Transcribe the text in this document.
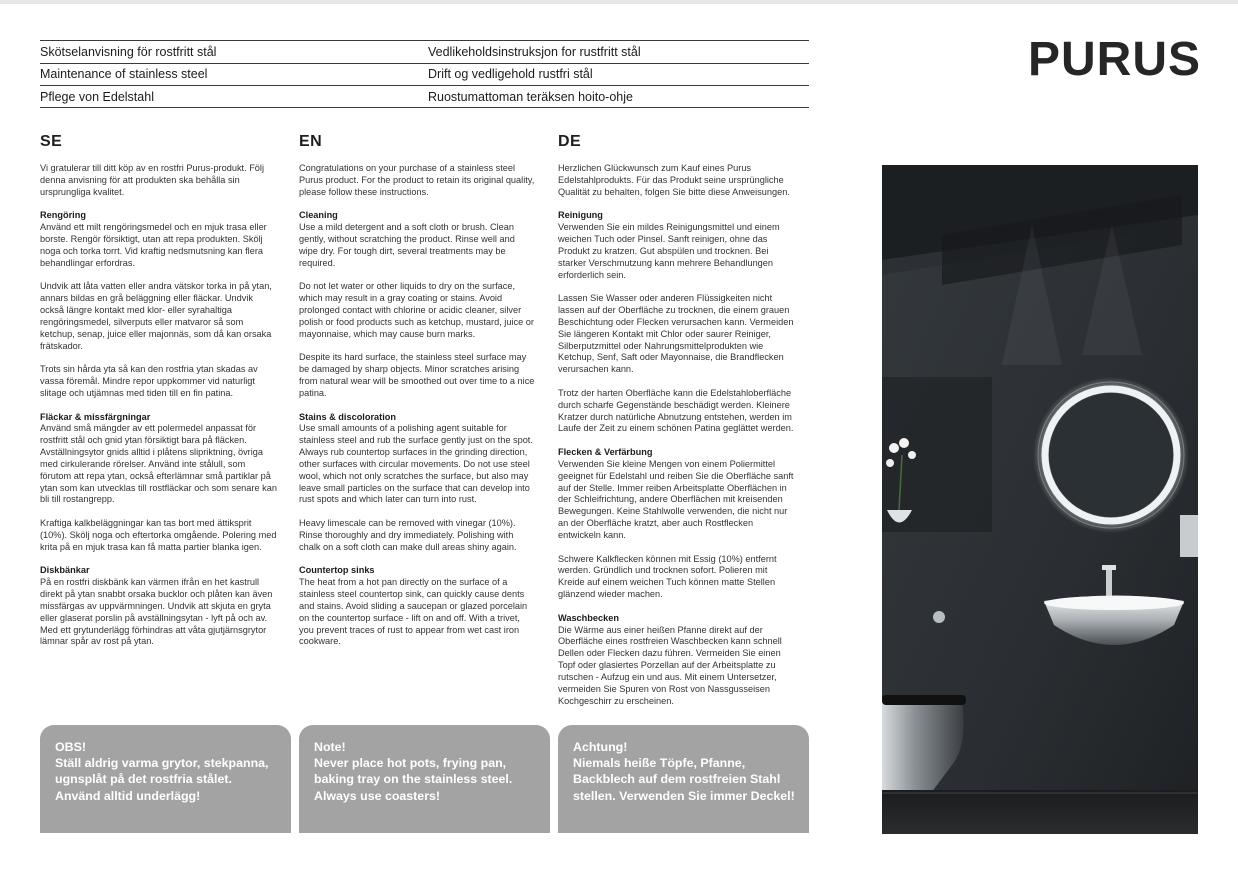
Skötselanvisning för rostfritt stål	Vedlikeholdsinstruksjon for rustfritt stål
Maintenance of stainless steel	Drift og vedligehold rustfri stål
Pflege von Edelstahl	Ruostumattoman teräksen hoito-ohje
PURUS
SE
Vi gratulerar till ditt köp av en rostfri Purus-produkt. Följ denna anvisning för att produkten ska behålla sin ursprungliga kvalitet.
Rengöring
Använd ett milt rengöringsmedel och en mjuk trasa eller borste. Rengör försiktigt, utan att repa produkten. Skölj noga och torka torrt. Vid kraftig nedsmutsning kan flera behandlingar erfordras.
Undvik att låta vatten eller andra vätskor torka in på ytan, annars bildas en grå beläggning eller fläckar. Undvik också längre kontakt med klor- eller syrahaltiga rengöringsmedel, silverputs eller matvaror så som ketchup, senap, juice eller majonnäs, som då kan orsaka frätskador.
Trots sin hårda yta så kan den rostfria ytan skadas av vassa föremål. Mindre repor uppkommer vid naturligt slitage och utjämnas med tiden till en fin patina.
Fläckar & missfärgningar
Använd små mängder av ett polermedel anpassat för rostfritt stål och gnid ytan försiktigt bara på fläcken. Avställningsytor gnids alltid i plåtens slipriktning, övriga med cirkulerande rörelser. Använd inte stålull, som förutom att repa ytan, också efterlämnar små partiklar på ytan som kan utvecklas till rostfläckar och som senare kan bli till rostangrepp.
Kraftiga kalkbeläggningar kan tas bort med ättiksprit (10%). Skölj noga och eftertorka omgående. Polering med krita på en mjuk trasa kan få matta partier blanka igen.
Diskbänkar
På en rostfri diskbänk kan värmen ifrån en het kastrull direkt på ytan snabbt orsaka bucklor och plåten kan även missfärgas av uppvärmningen. Undvik att skjuta en gryta eller glaserat porslin på avställningsytan - lyft på och av. Med ett grytunderlägg förhindras att våta gjutjärnsgrytor lämnar spår av rost på ytan.
EN
Congratulations on your purchase of a stainless steel Purus product. For the product to retain its original quality, please follow these instructions.
Cleaning
Use a mild detergent and a soft cloth or brush. Clean gently, without scratching the product. Rinse well and wipe dry. For tough dirt, several treatments may be required.
Do not let water or other liquids to dry on the surface, which may result in a gray coating or stains. Avoid prolonged contact with chlorine or acidic cleaner, silver polish or food products such as ketchup, mustard, juice or mayonnaise, which may cause burn marks.
Despite its hard surface, the stainless steel surface may be damaged by sharp objects. Minor scratches arising from natural wear will be smoothed out over time to a nice patina.
Stains & discoloration
Use small amounts of a polishing agent suitable for stainless steel and rub the surface gently just on the spot. Always rub countertop surfaces in the grinding direction, other surfaces with circular movements. Do not use steel wool, which not only scratches the surface, but also may leave small particles on the surface that can develop into rust spots and which later can turn into rust.
Heavy limescale can be removed with vinegar (10%). Rinse thoroughly and dry immediately. Polishing with chalk on a soft cloth can make dull areas shiny again.
Countertop sinks
The heat from a hot pan directly on the surface of a stainless steel countertop sink, can quickly cause dents and stains. Avoid sliding a saucepan or glazed porcelain on the countertop surface - lift on and off. With a trivet, you prevent traces of rust to appear from wet cast iron cookware.
DE
Herzlichen Glückwunsch zum Kauf eines Purus Edelstahlprodukts. Für das Produkt seine ursprüngliche Qualität zu behalten, folgen Sie bitte diese Anweisungen.
Reinigung
Verwenden Sie ein mildes Reinigungsmittel und einem weichen Tuch oder Pinsel. Sanft reinigen, ohne das Produkt zu kratzen. Gut abspülen und trocknen. Bei starker Verschmutzung kann mehrere Behandlungen erforderlich sein.
Lassen Sie Wasser oder anderen Flüssigkeiten nicht lassen auf der Oberfläche zu trocknen, die einem grauen Beschichtung oder Flecken verursachen kann. Vermeiden Sie längeren Kontakt mit Chlor oder saurer Reiniger, Silberputzmittel oder Nahrungsmittelprodukten wie Ketchup, Senf, Saft oder Mayonnaise, die Brandflecken verursachen kann.
Trotz der harten Oberfläche kann die Edelstahloberfläche durch scharfe Gegenstände beschädigt werden. Kleinere Kratzer durch natürliche Abnutzung entstehen, werden im Laufe der Zeit zu einem schönen Patina geglättet werden.
Flecken & Verfärbung
Verwenden Sie kleine Mengen von einem Poliermittel geeignet für Edelstahl und reiben Sie die Oberfläche sanft auf der Stelle. Immer reiben Arbeitsplatte Oberflächen in der Schleifrichtung, andere Oberflächen mit kreisenden Bewegungen. Keine Stahlwolle verwenden, die nicht nur an der Oberfläche kratzt, aber auch Rostflecken entwickeln kann.
Schwere Kalkflecken können mit Essig (10%) entfernt werden. Gründlich und trocknen sofort. Polieren mit Kreide auf einem weichen Tuch können matte Stellen glänzend wieder machen.
Waschbecken
Die Wärme aus einer heißen Pfanne direkt auf der Oberfläche eines rostfreien Waschbecken kann schnell Dellen oder Flecken dazu führen. Vermeiden Sie einen Topf oder glasiertes Porzellan auf der Arbeitsplatte zu rutschen - Aufzug ein und aus. Mit einem Untersetzer, vermeiden Sie Spuren von Rost von Nassgusseisen Kochgeschirr zu erscheinen.
OBS!
Ställ aldrig varma grytor, stekpanna, ugnsplåt på det rostfria stålet. Använd alltid underlägg!
Note!
Never place hot pots, frying pan, baking tray on the stainless steel. Always use coasters!
Achtung!
Niemals heiße Töpfe, Pfanne, Backblech auf dem rostfreien Stahl stellen. Verwenden Sie immer Deckel!
